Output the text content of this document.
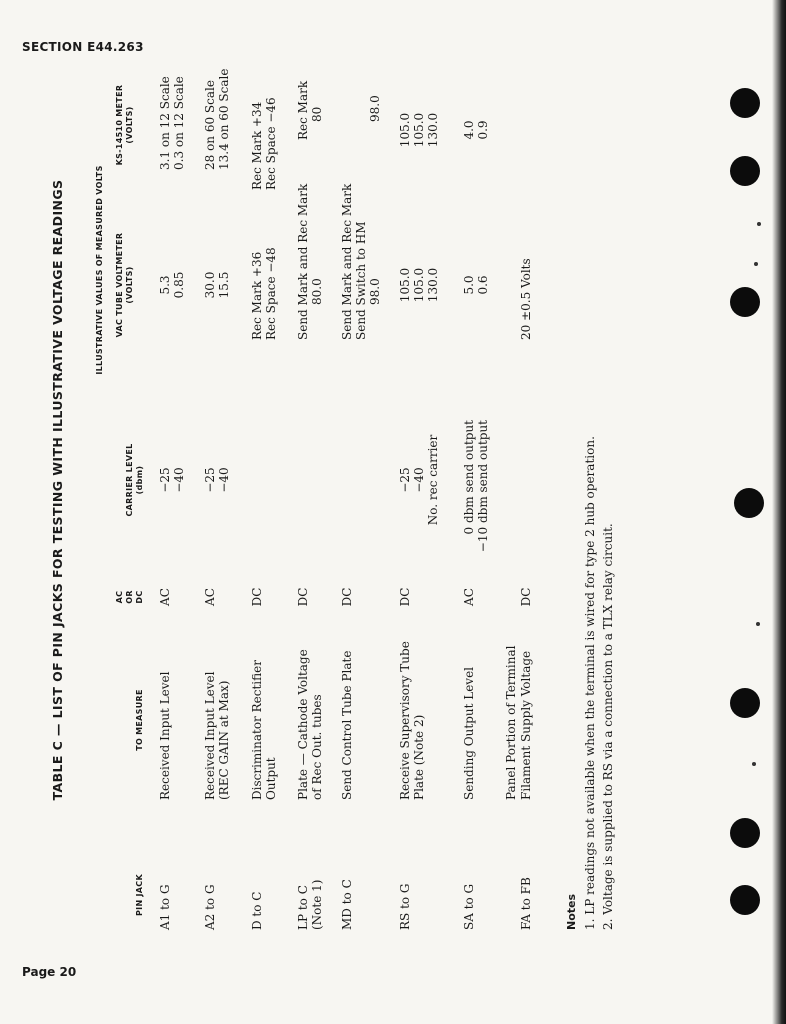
SECTION E44.263
Page 20
TABLE C — LIST OF PIN JACKS FOR TESTING WITH ILLUSTRATIVE VOLTAGE READINGS
PIN JACK
TO MEASURE
AC OR DC
CARRIER LEVEL (dbm)
ILLUSTRATIVE VALUES OF MEASURED VOLTS VAC TUBE VOLTMETER (VOLTS)
KS-14510 METER (VOLTS)
A1 to G
Received Input Level
AC
−25 −40
5.3 0.85
3.1 on 12 Scale 0.3 on 12 Scale
A2 to G
Received Input Level (REC GAIN at Max)
AC
−25 −40
30.0 15.5
28 on 60 Scale 13.4 on 60 Scale
D to C
Discriminator Rectifier Output
DC
Rec Mark +36 Rec Space −48
Rec Mark +34 Rec Space −46
LP to C (Note 1)
Plate — Cathode Voltage of Rec Out. tubes
DC
Send Mark and Rec Mark 80.0
Rec Mark 80
MD to C
Send Control Tube Plate
DC
Send Mark and Rec Mark Send Switch to HM 98.0
98.0
RS to G
Receive Supervisory Tube Plate (Note 2)
DC
−25 −40 No. rec carrier
105.0 105.0 130.0
105.0 105.0 130.0
SA to G
Sending Output Level
AC
0 dbm send output −10 dbm send output
5.0 0.6
4.0 0.9
FA to FB
Panel Portion of Terminal Filament Supply Voltage
DC
20 ±0.5 Volts
Notes 1. LP readings not available when the terminal is wired for type 2 hub operation. 2. Voltage is supplied to RS via a connection to a TLX relay circuit.
